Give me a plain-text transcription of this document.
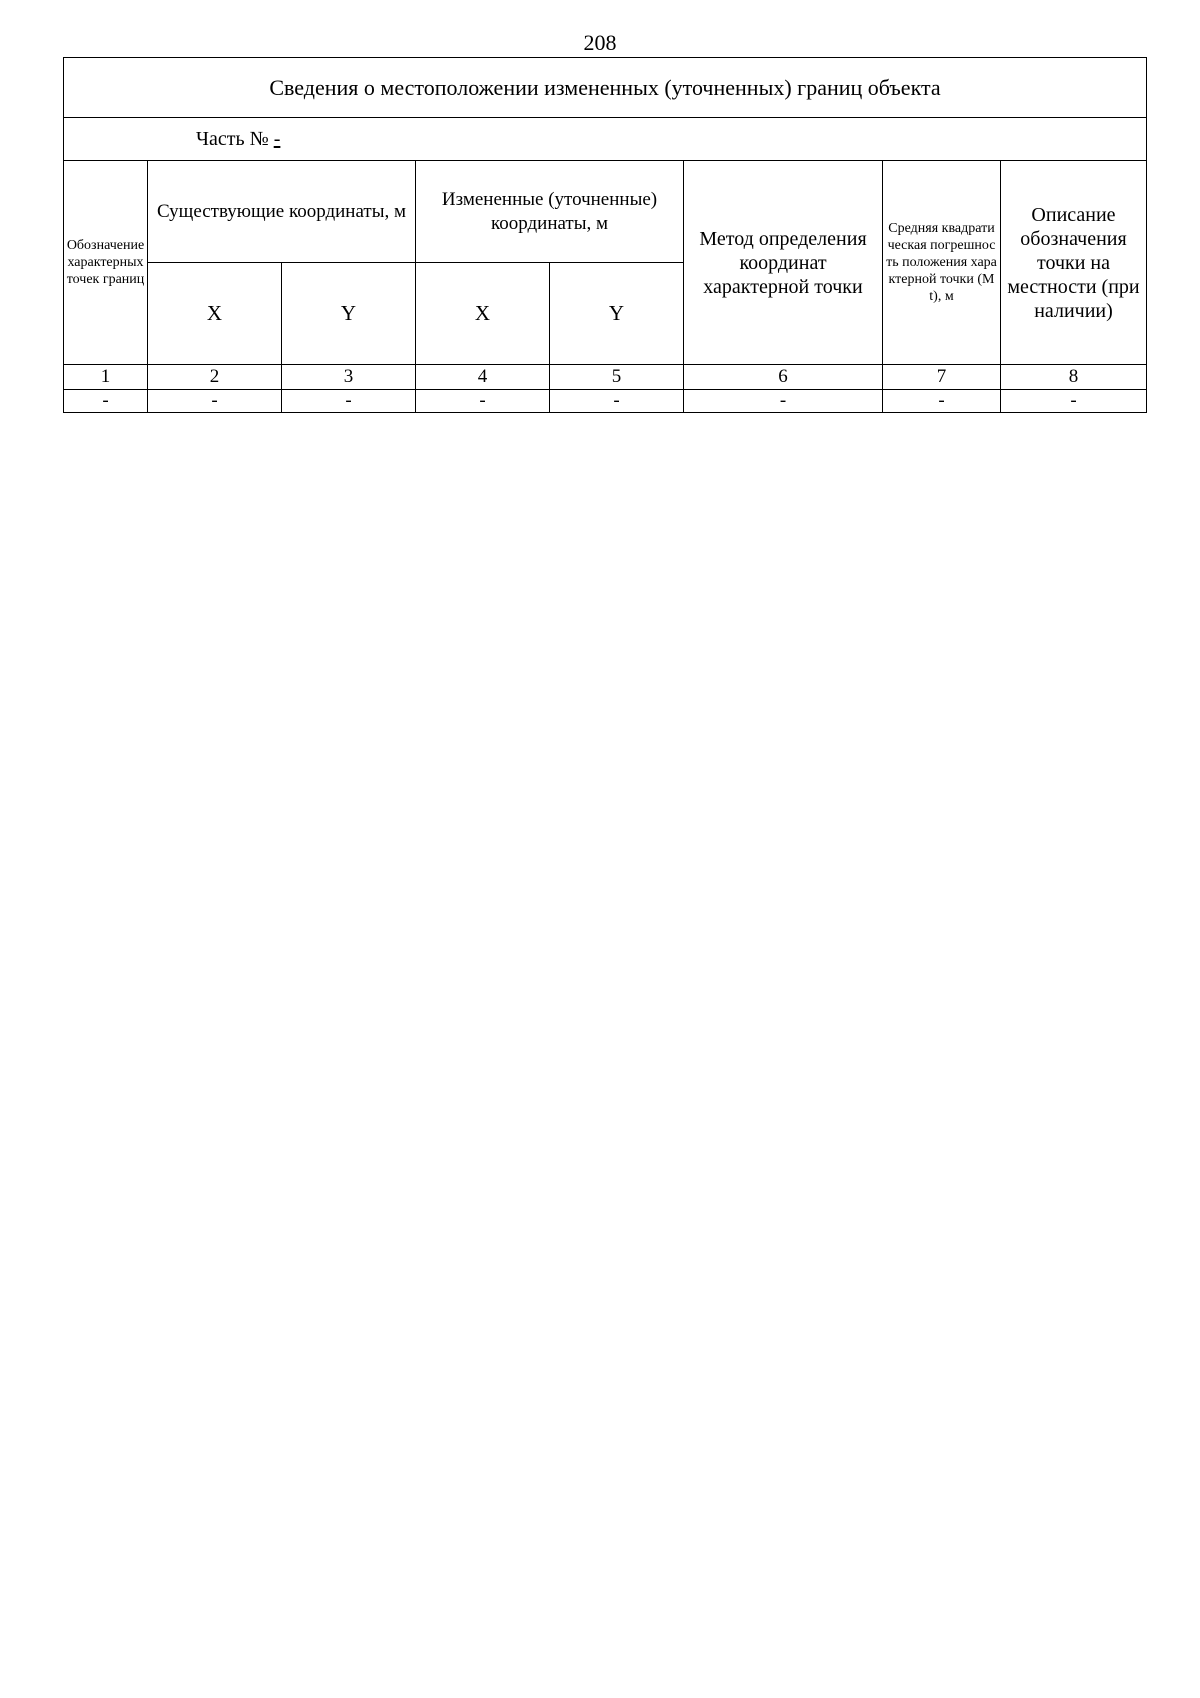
208
Сведения о местоположении измененных (уточненных) границ объекта							
Часть № -							

Обозначение характерных точек границ	Существующие координаты, м		Измененные (уточненные) координаты, м		Метод определения координат характерной точки	Средняя квадратическая погрешность положения характерной точки (Mt), м	Описание обозначения точки на местности (при наличии)
	X	Y	X	Y			
1	2	3	4	5	6	7	8
-	-	-	-	-	-	-	-
